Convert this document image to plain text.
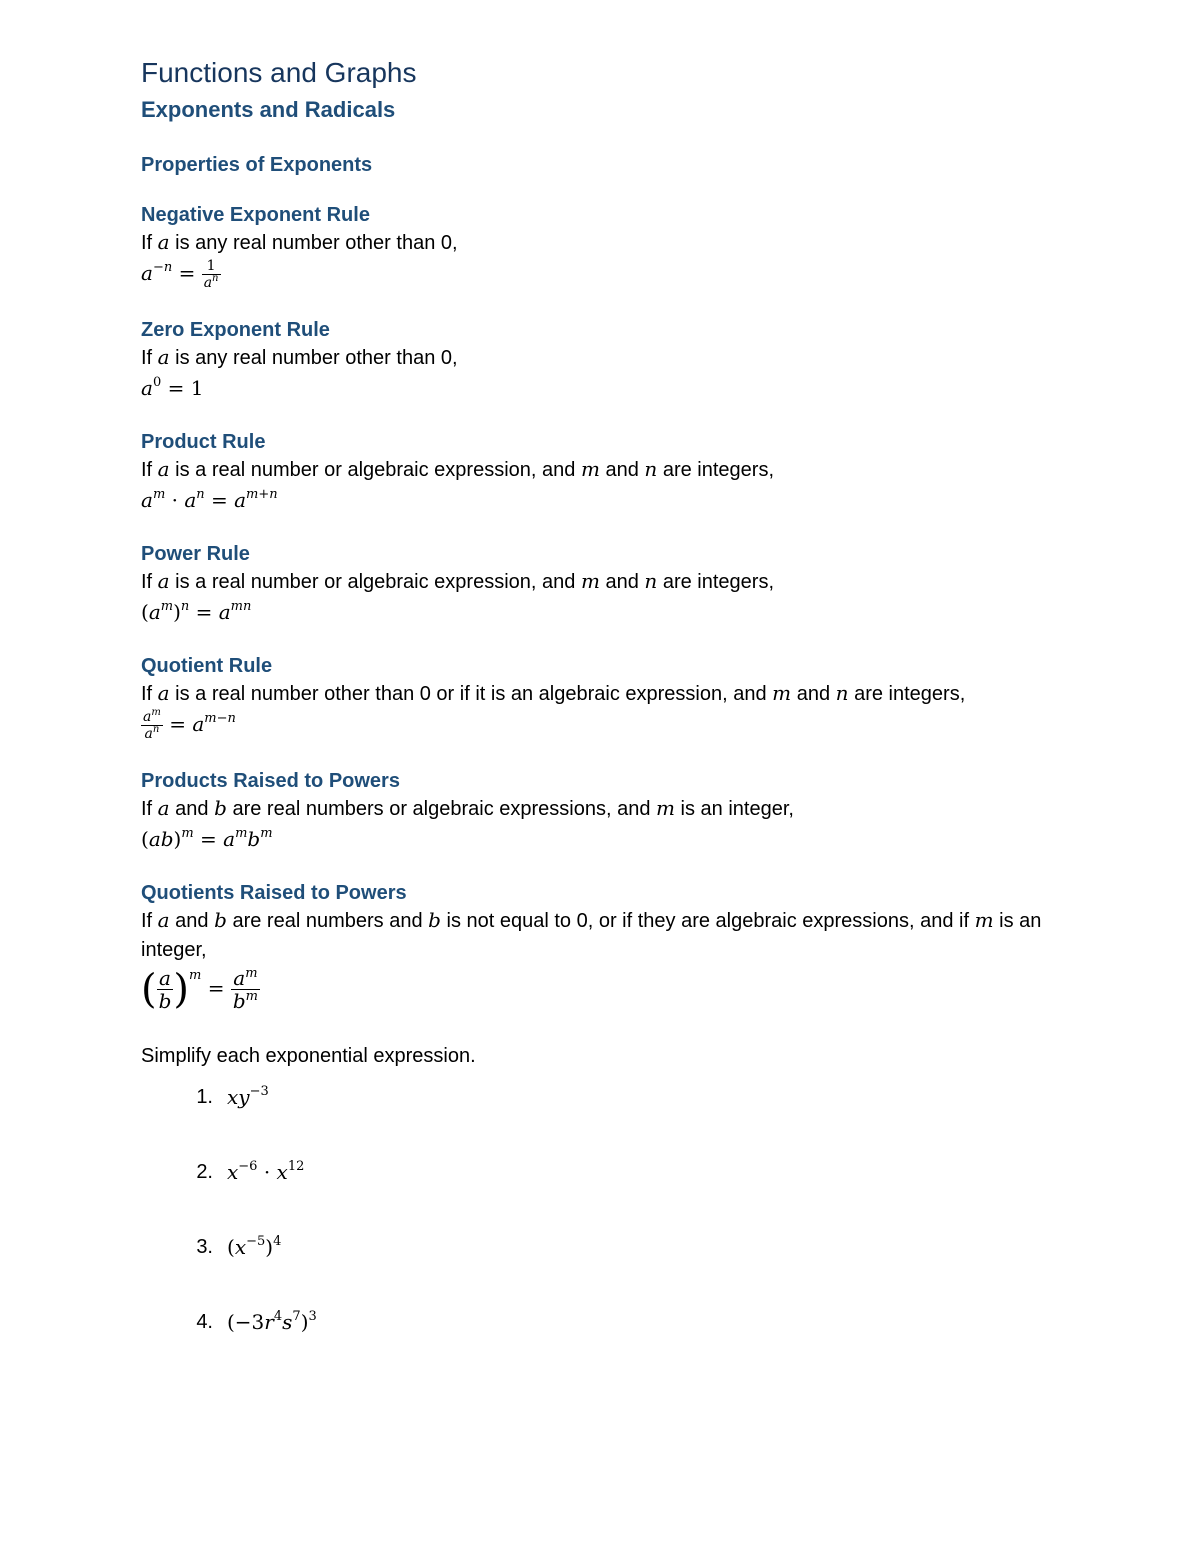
Functions and Graphs
Exponents and Radicals
Properties of Exponents
Negative Exponent Rule
If a is any real number other than 0,
$a^{-n} = \frac{1}{a^n}$
Zero Exponent Rule
If a is any real number other than 0,
$a^0 = 1$
Product Rule
If a is a real number or algebraic expression, and m and n are integers,
$a^m \cdot a^n = a^{m+n}$
Power Rule
If a is a real number or algebraic expression, and m and n are integers,
$(a^m)^n = a^{mn}$
Quotient Rule
If a is a real number other than 0 or if it is an algebraic expression, and m and n are integers,
$\frac{a^m}{a^n} = a^{m-n}$
Products Raised to Powers
If a and b are real numbers or algebraic expressions, and m is an integer,
$(ab)^m = a^mb^m$
Quotients Raised to Powers
If a and b are real numbers and b is not equal to 0, or if they are algebraic expressions, and if m is an integer,
( $\frac{a}{b} )^m = \frac{a^m}{b^m}$
Simplify each exponential expression.
1. $xy^{-3}$
2. $x^{-6} \cdot x^{12}$
3. $(x^{-5})^4$
4. $(-3r^4s^7)^3$
